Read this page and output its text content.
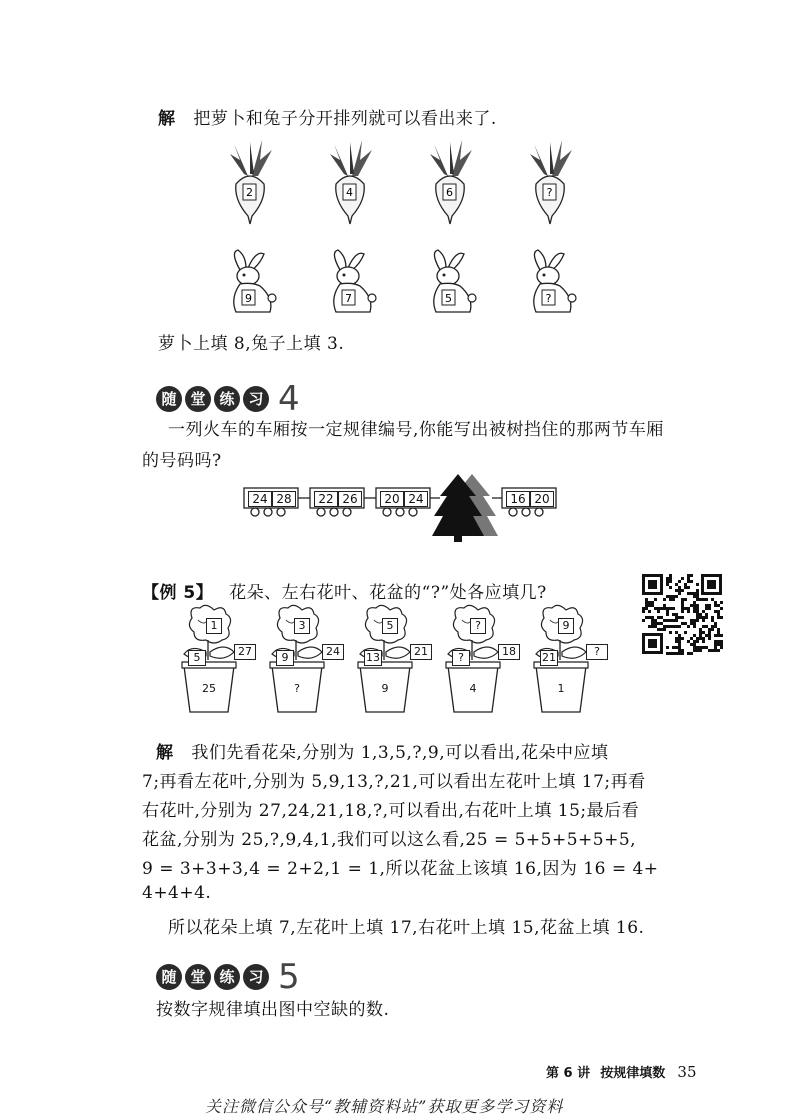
解 把萝卜和兔子分开排列就可以看出来了.
2	4	6	?
9	7	5	?
萝卜上填 8,兔子上填 3.
随 堂 练 习 4
一列火车的车厢按一定规律编号,你能写出被树挡住的那两节车厢
的号码吗?
24 28	22 26	20 24	16 20
【例 5】 花朵、左右花叶、花盆的“?”处各应填几?
1
5	27
25
3
9	24
?
5
13	21
9
?
?	18
4
9
21	?
1
解 我们先看花朵,分别为 1,3,5,?,9,可以看出,花朵中应填
7;再看左花叶,分别为 5,9,13,?,21,可以看出左花叶上填 17;再看
右花叶,分别为 27,24,21,18,?,可以看出,右花叶上填 15;最后看
花盆,分别为 25,?,9,4,1,我们可以这么看,25 = 5+5+5+5+5,
9 = 3+3+3,4 = 2+2,1 = 1,所以花盆上该填 16,因为 16 = 4+
4+4+4.
所以花朵上填 7,左花叶上填 17,右花叶上填 15,花盆上填 16.
随 堂 练 习 5
按数字规律填出图中空缺的数.
第 6 讲 按规律填数 35
关注微信公众号“教辅资料站”获取更多学习资料
